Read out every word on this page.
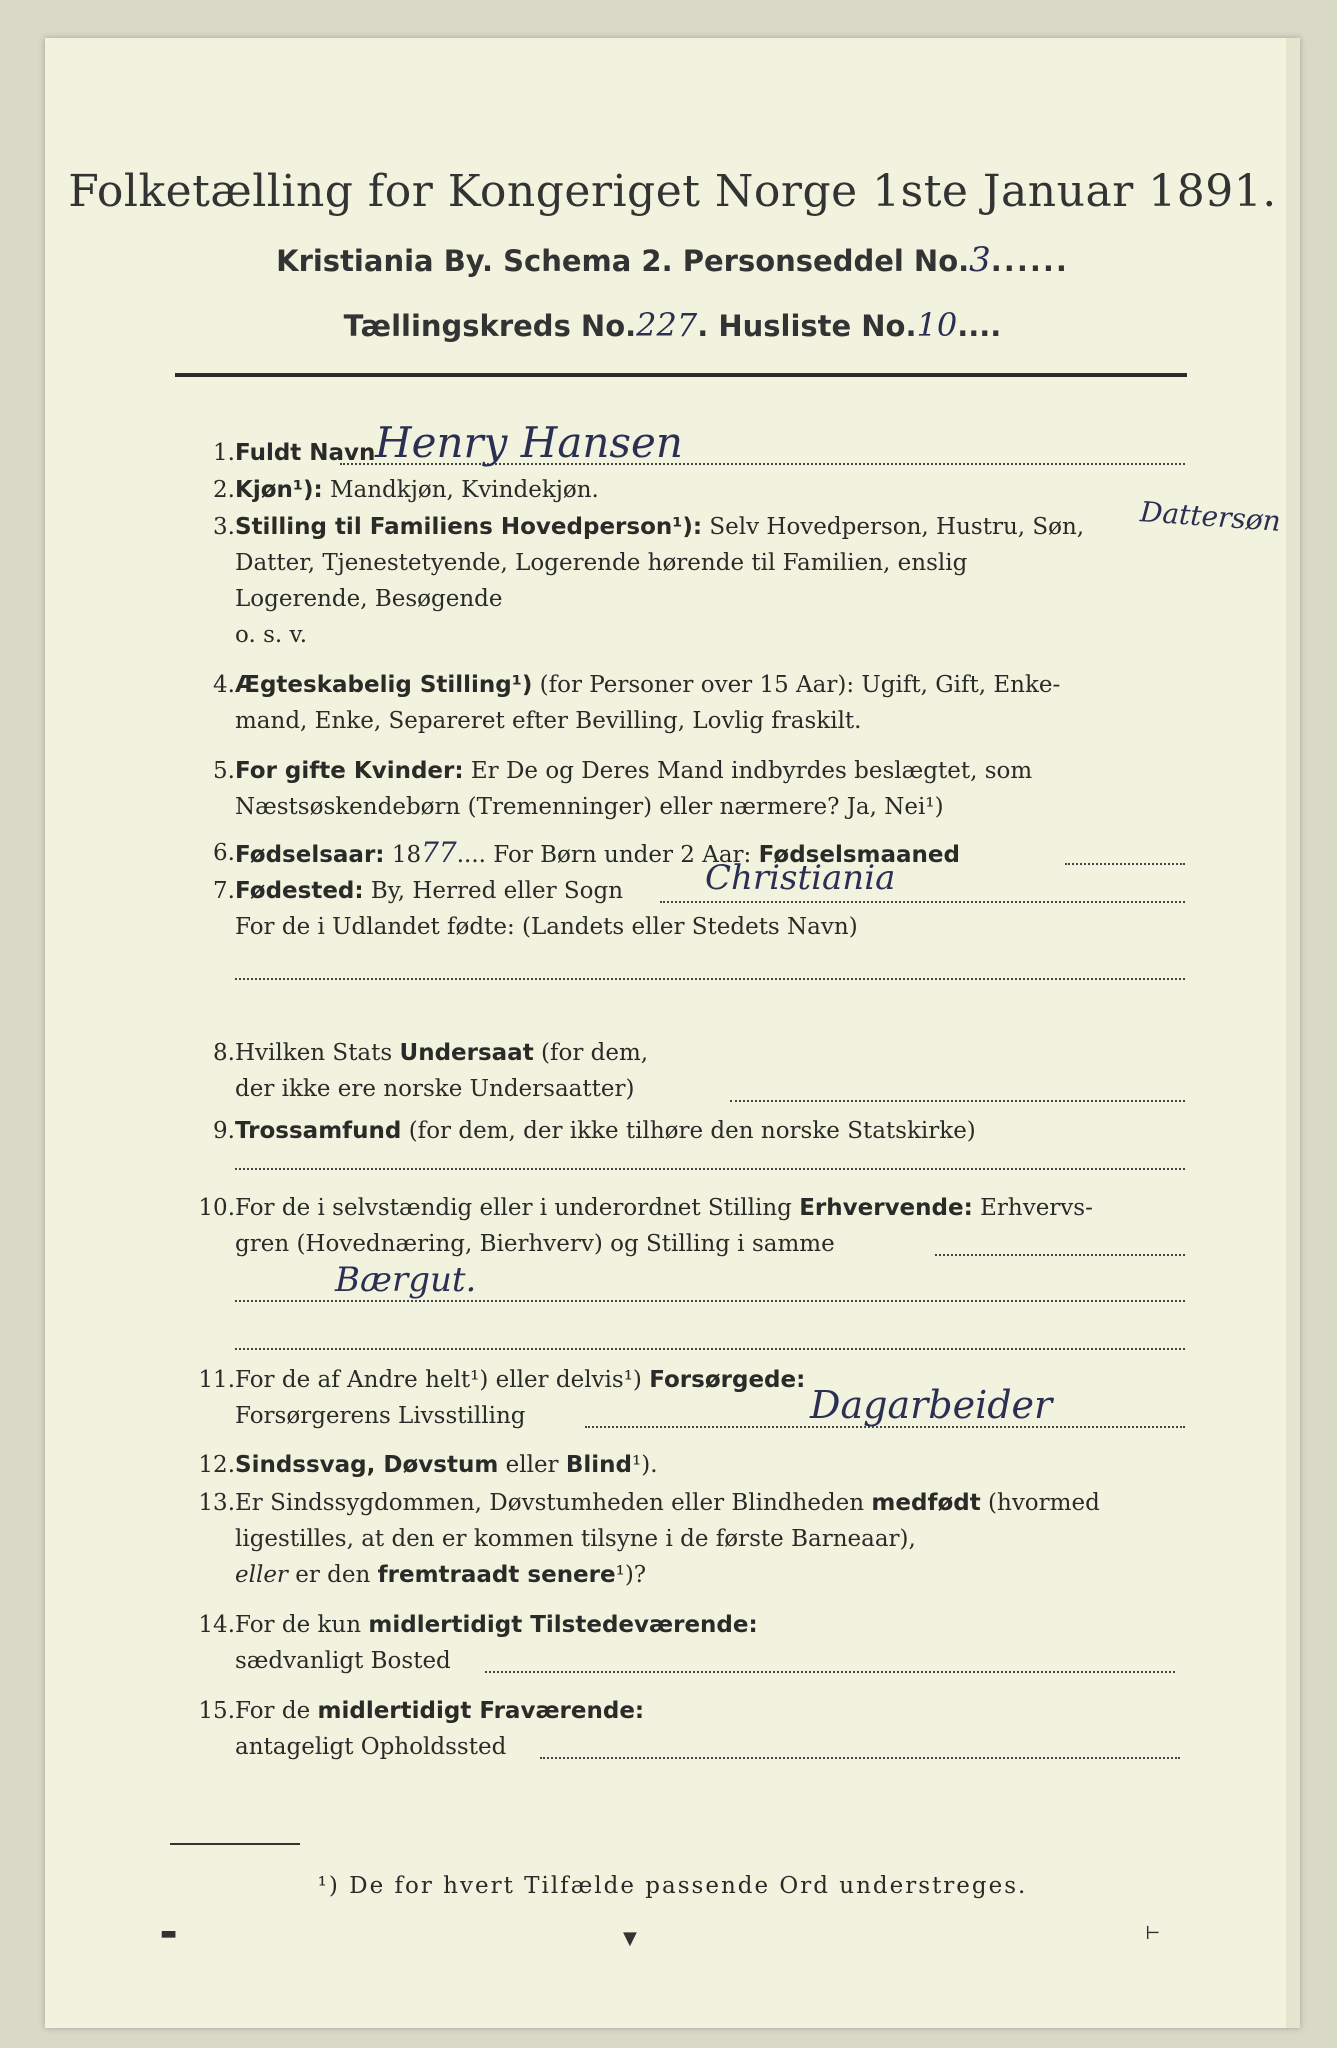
Folketælling for Kongeriget Norge 1ste Januar 1891.
Kristiania By. Schema 2. Personseddel No.3......
Tællingskreds No.227. Husliste No.10....
1. Fuldt Navn Henry Hansen
2. Kjøn¹): Mandkjøn, Kvindekjøn.
3. Stilling til Familiens Hovedperson¹): Selv Hovedperson, Hustru, Søn, Dattersøn
Datter, Tjenestetyende, Logerende hørende til Familien, enslig
Logerende, Besøgende
o. s. v.
4. Ægteskabelig Stilling¹) (for Personer over 15 Aar): Ugift, Gift, Enke-
mand, Enke, Separeret efter Bevilling, Lovlig fraskilt.
5. For gifte Kvinder: Er De og Deres Mand indbyrdes beslægtet, som
Næstsøskendebørn (Tremenninger) eller nærmere? Ja, Nei¹)
6. Fødselsaar: 1877.... For Børn under 2 Aar: Fødselsmaaned
7. Fødested: By, Herred eller Sogn Christiania
For de i Udlandet fødte: (Landets eller Stedets Navn)
8. Hvilken Stats Undersaat (for dem,
der ikke ere norske Undersaatter)
9. Trossamfund (for dem, der ikke tilhøre den norske Statskirke)
10. For de i selvstændig eller i underordnet Stilling Erhvervende: Erhvervs-
gren (Hovednæring, Bierhverv) og Stilling i samme
Bærgut.
11. For de af Andre helt¹) eller delvis¹) Forsørgede:
Forsørgerens Livsstilling	Dagarbeider
12. Sindssvag, Døvstum eller Blind¹).
13. Er Sindssygdommen, Døvstumheden eller Blindheden medfødt (hvormed
ligestilles, at den er kommen tilsyne i de første Barneaar),
eller er den fremtraadt senere¹)?
14. For de kun midlertidigt Tilstedeværende:
sædvanligt Bosted
15. For de midlertidigt Fraværende:
antageligt Opholdssted
¹) De for hvert Tilfælde passende Ord understreges.
▬	▼	⊢
